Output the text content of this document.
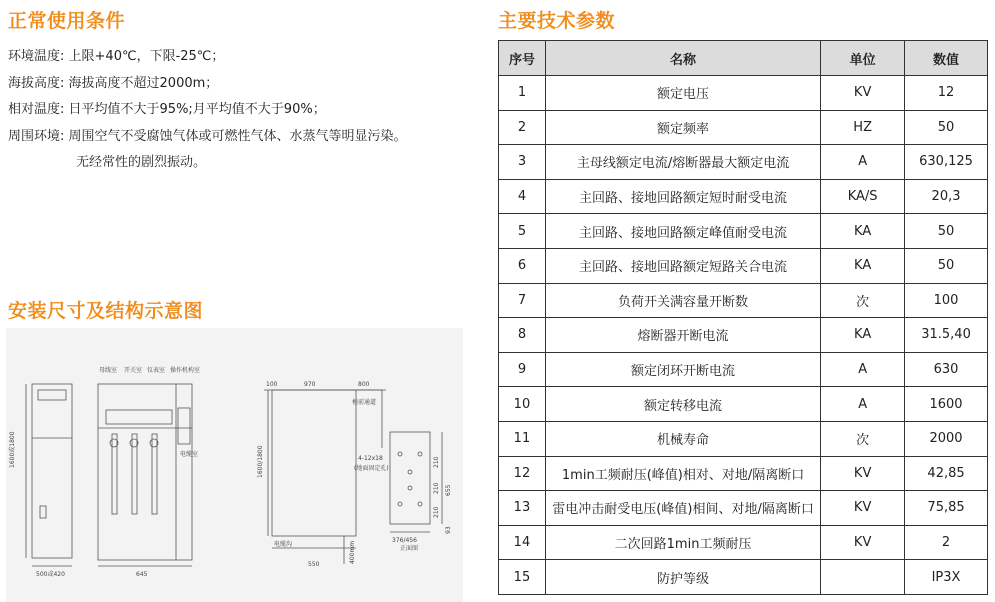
正常使用条件
环境温度: 上限+40℃，下限-25℃；
海拔高度: 海拔高度不超过2000m；
相对温度: 日平均值不大于95%;月平均值不大于90%；
周围环境: 周围空气不受腐蚀气体或可燃性气体、水蒸气等明显污染。
无经常性的剧烈振动。
安装尺寸及结构示意图
母线室 开关室 仪表室 操作机构室
电缆室
500或420
1600或1800
645
100	970	800
柜前通道
1600/1800
电缆沟
550
400mm
4-12x18
(地面固定孔)
376/456
正面图
655
210
210
210
93
主要技术参数
序号	名称	单位	数值
1	额定电压	KV	12
2	额定频率	HZ	50
3	主母线额定电流/熔断器最大额定电流	A	630,125
4	主回路、接地回路额定短时耐受电流	KA/S	20,3
5	主回路、接地回路额定峰值耐受电流	KA	50
6	主回路、接地回路额定短路关合电流	KA	50
7	负荷开关满容量开断数	次	100
8	熔断器开断电流	KA	31.5,40
9	额定闭环开断电流	A	630
10	额定转移电流	A	1600
11	机械寿命	次	2000
12	1min工频耐压(峰值)相对、对地/隔离断口	KV	42,85
13	雷电冲击耐受电压(峰值)相间、对地/隔离断口	KV	75,85
14	二次回路1min工频耐压	KV	2
15	防护等级		IP3X
